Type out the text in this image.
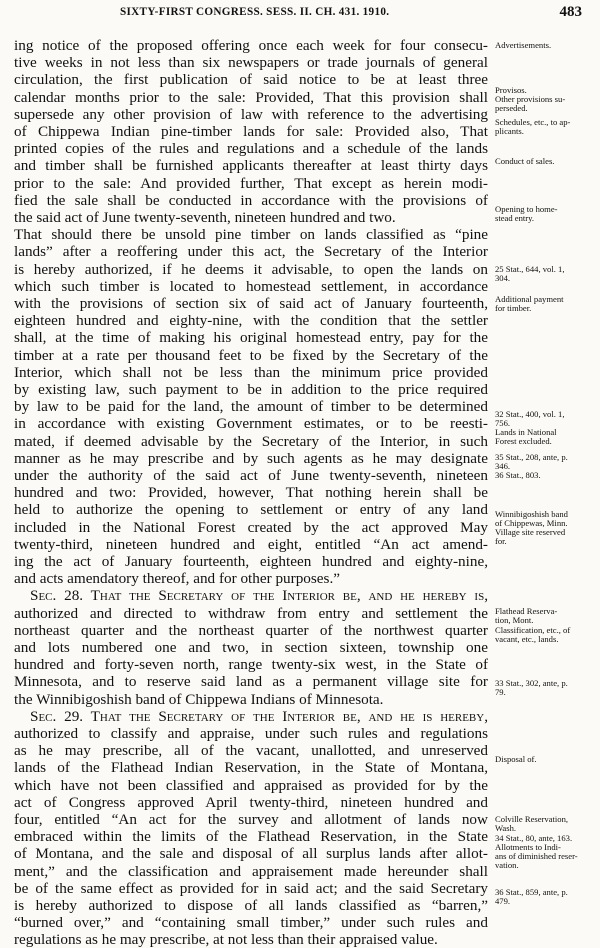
SIXTY-FIRST CONGRESS. SESS. II. CH. 431. 1910.	483
ing notice of the proposed offering once each week for four consecu-
tive weeks in not less than six newspapers or trade journals of general
circulation, the first publication of said notice to be at least three
calendar months prior to the sale: Provided, That this provision shall
supersede any other provision of law with reference to the advertising
of Chippewa Indian pine-timber lands for sale: Provided also, That
printed copies of the rules and regulations and a schedule of the lands
and timber shall be furnished applicants thereafter at least thirty days
prior to the sale: And provided further, That except as herein modi-
fied the sale shall be conducted in accordance with the provisions of
the said act of June twenty-seventh, nineteen hundred and two.
That should there be unsold pine timber on lands classified as “pine
lands” after a reoffering under this act, the Secretary of the Interior
is hereby authorized, if he deems it advisable, to open the lands on
which such timber is located to homestead settlement, in accordance
with the provisions of section six of said act of January fourteenth,
eighteen hundred and eighty-nine, with the condition that the settler
shall, at the time of making his original homestead entry, pay for the
timber at a rate per thousand feet to be fixed by the Secretary of the
Interior, which shall not be less than the minimum price provided
by existing law, such payment to be in addition to the price required
by law to be paid for the land, the amount of timber to be determined
in accordance with existing Government estimates, or to be reesti-
mated, if deemed advisable by the Secretary of the Interior, in such
manner as he may prescribe and by such agents as he may designate
under the authority of the said act of June twenty-seventh, nineteen
hundred and two: Provided, however, That nothing herein shall be
held to authorize the opening to settlement or entry of any land
included in the National Forest created by the act approved May
twenty-third, nineteen hundred and eight, entitled “An act amend-
ing the act of January fourteenth, eighteen hundred and eighty-nine,
and acts amendatory thereof, and for other purposes.”
Sec. 28. That the Secretary of the Interior be, and he hereby is,
authorized and directed to withdraw from entry and settlement the
northeast quarter and the northeast quarter of the northwest quarter
and lots numbered one and two, in section sixteen, township one
hundred and forty-seven north, range twenty-six west, in the State of
Minnesota, and to reserve said land as a permanent village site for
the Winnibigoshish band of Chippewa Indians of Minnesota.
Sec. 29. That the Secretary of the Interior be, and he is hereby,
authorized to classify and appraise, under such rules and regulations
as he may prescribe, all of the vacant, unallotted, and unreserved
lands of the Flathead Indian Reservation, in the State of Montana,
which have not been classified and appraised as provided for by the
act of Congress approved April twenty-third, nineteen hundred and
four, entitled “An act for the survey and allotment of lands now
embraced within the limits of the Flathead Reservation, in the State
of Montana, and the sale and disposal of all surplus lands after allot-
ment,” and the classification and appraisement made hereunder shall
be of the same effect as provided for in said act; and the said Secretary
is hereby authorized to dispose of all lands classified as “barren,”
“burned over,” and “containing small timber,” under such rules and
regulations as he may prescribe, at not less than their appraised value.
Advertisements.
Provisos.
Other provisions su-
perseded.
Schedules, etc., to ap-
plicants.
Conduct of sales.
Opening to home-
stead entry.
25 Stat., 644, vol. 1,
304.
Additional payment
for timber.
32 Stat., 400, vol. 1,
756.
Lands in National
Forest excluded.
35 Stat., 208, ante, p.
346.
36 Stat., 803.
Winnibigoshish band
of Chippewas, Minn.
Village site reserved
for.
Flathead Reserva-
tion, Mont.
Classification, etc., of
vacant, etc., lands.
33 Stat., 302, ante, p.
79.
Disposal of.
Colville Reservation,
Wash.
34 Stat., 80, ante, 163.
Allotments to Indi-
ans of diminished reser-
vation.
36 Stat., 859, ante, p.
479.
